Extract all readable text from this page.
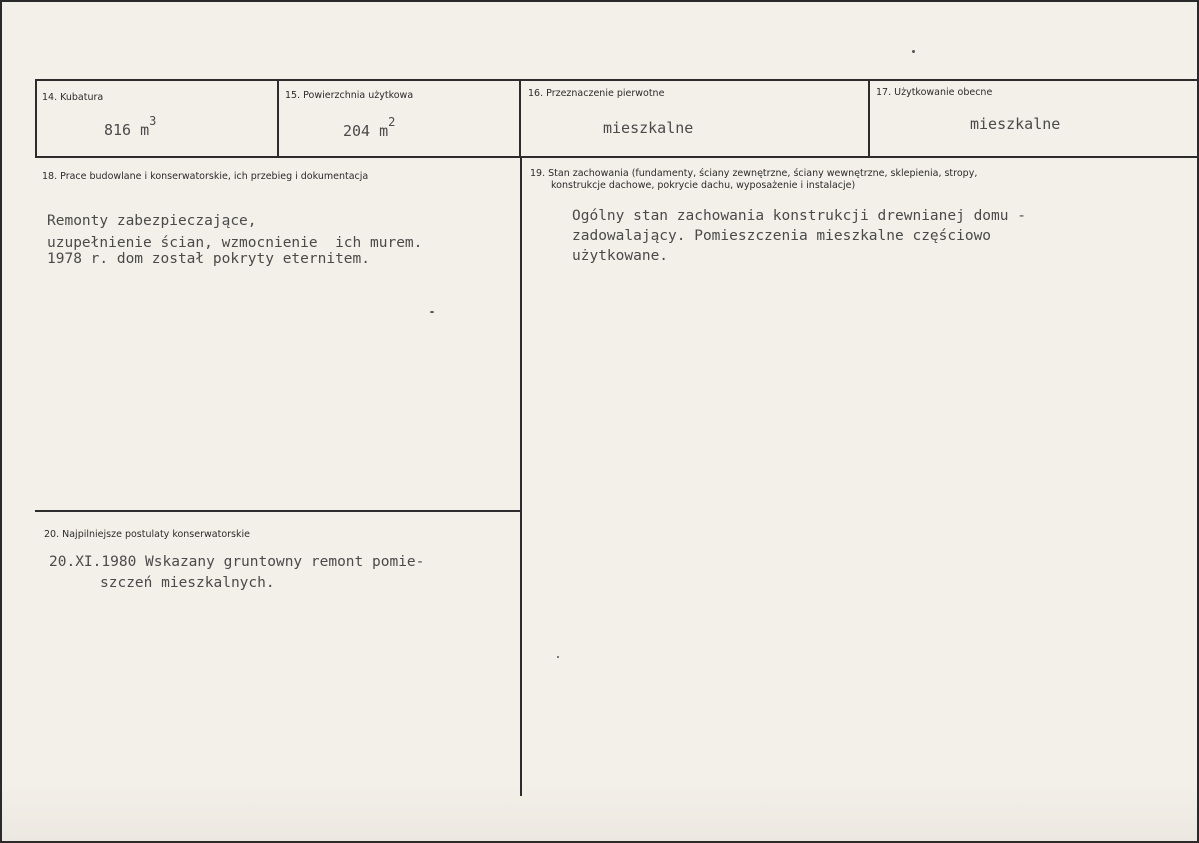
14. Kubatura
816 $m^3$
15. Powierzchnia użytkowa
204 $m^2$
16. Przeznaczenie pierwotne
mieszkalne
17. Użytkowanie obecne
mieszkalne
18. Prace budowlane i konserwatorskie, ich przebieg i dokumentacja
Remonty zabezpieczające,
uzupełnienie ścian, wzmocnienie  ich murem.
1978 r. dom został pokryty eternitem.
19. Stan zachowania (fundamenty, ściany zewnętrzne, ściany wewnętrzne, sklepienia, stropy,
konstrukcje dachowe, pokrycie dachu, wyposażenie i instalacje)
Ogólny stan zachowania konstrukcji drewnianej domu -
zadowalający. Pomieszczenia mieszkalne częściowo
użytkowane.
20. Najpilniejsze postulaty konserwatorskie
20.XI.1980 Wskazany gruntowny remont pomie-
szczeń mieszkalnych.
